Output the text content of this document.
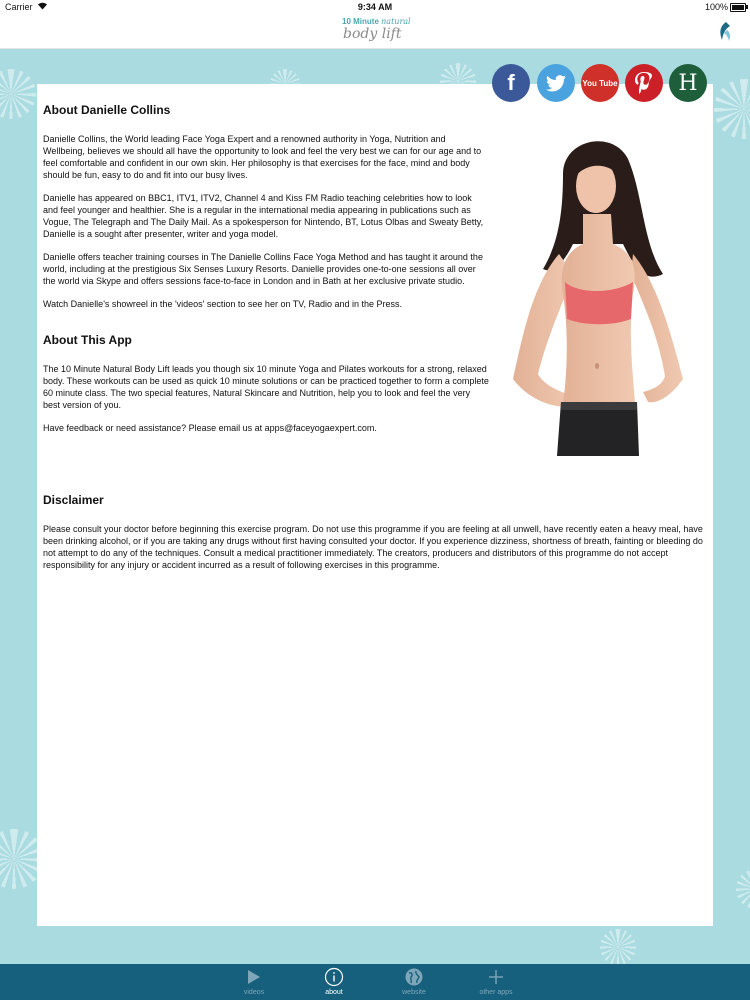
Carrier	9:34 AM	100%
10 Minute natural
body lift
About Danielle Collins

Danielle Collins, the World leading Face Yoga Expert and a renowned authority in Yoga, Nutrition and Wellbeing, believes we should all have the opportunity to look and feel the very best we can for our age and to feel comfortable and confident in our own skin. Her philosophy is that exercises for the face, mind and body should be fun, easy to do and fit into our busy lives.

Danielle has appeared on BBC1, ITV1, ITV2, Channel 4 and Kiss FM Radio teaching celebrities how to look and feel younger and healthier. She is a regular in the international media appearing in publications such as Vogue, The Telegraph and The Daily Mail. As a spokesperson for Nintendo, BT, Lotus Olbas and Sweaty Betty, Danielle is a sought after presenter, writer and yoga model.

Danielle offers teacher training courses in The Danielle Collins Face Yoga Method and has taught it around the world, including at the prestigious Six Senses Luxury Resorts. Danielle provides one-to-one sessions all over the world via Skype and offers sessions face-to-face in London and in Bath at her exclusive private studio.

Watch Danielle's showreel in the 'videos' section to see her on TV, Radio and in the Press.

About This App

The 10 Minute Natural Body Lift leads you though six 10 minute Yoga and Pilates workouts for a strong, relaxed body. These workouts can be used as quick 10 minute solutions or can be practiced together to form a complete 60 minute class. The two special features, Natural Skincare and Nutrition, help you to look and feel the very best version of you.

Have feedback or need assistance? Please email us at apps@faceyogaexpert.com.

Disclaimer

Please consult your doctor before beginning this exercise program. Do not use this programme if you are feeling at all unwell, have recently eaten a heavy meal, have been drinking alcohol, or if you are taking any drugs without first having consulted your doctor. If you experience dizziness, shortness of breath, fainting or bleeding do not attempt to do any of the techniques. Consult a medical practitioner immediately. The creators, producers and distributors of this programme do not accept responsibility for any injury or accident incurred as a result of following exercises in this programme.

f	You Tube	H
videos	about	website	other apps
